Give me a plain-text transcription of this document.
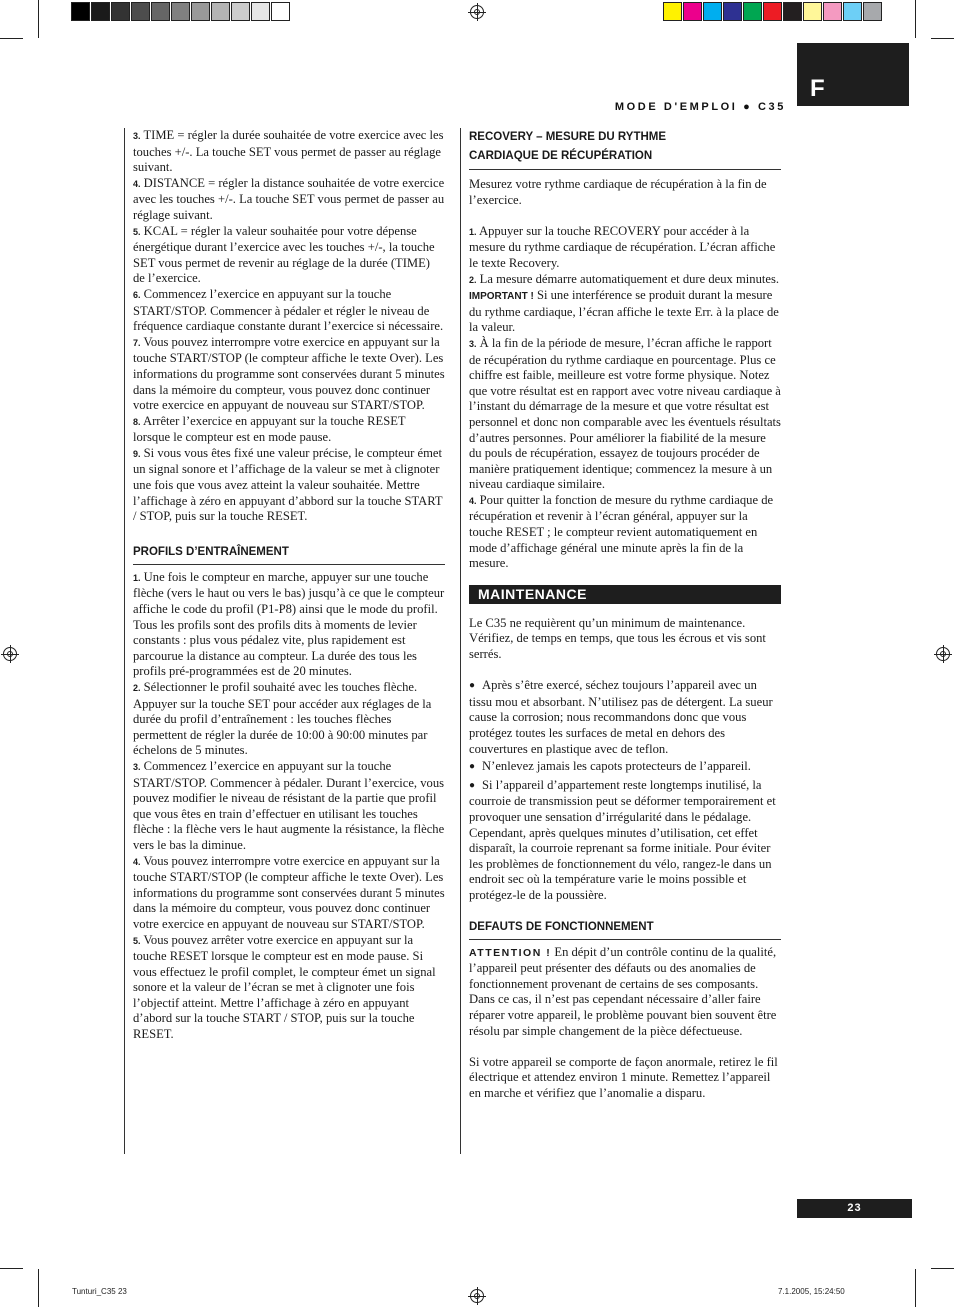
F
MODE D'EMPLOI ● C35

3. TIME = régler la durée souhaitée de votre exercice avec les touches +/-. La touche SET vous permet de passer au réglage suivant.

4. DISTANCE = régler la distance souhaitée de votre exercice avec les touches +/-. La touche SET vous permet de passer au réglage suivant.

5. KCAL = régler la valeur souhaitée pour votre dépense énergétique durant l’exercice avec les touches +/-, la touche SET vous permet de revenir au réglage de la durée (TIME) de l’exercice.

6. Commencez l’exercice en appuyant sur la touche START/STOP. Commencer à pédaler et régler le niveau de fréquence cardiaque constante durant l’exercice si nécessaire.

7. Vous pouvez interrompre votre exercice en appuyant sur la touche START/STOP (le compteur affiche le texte Over). Les informations du programme sont conservées durant 5 minutes dans la mémoire du compteur, vous pouvez donc continuer votre exercice en appuyant de nouveau sur START/STOP.

8. Arrêter l’exercice en appuyant sur la touche RESET lorsque le compteur est en mode pause.

9. Si vous vous êtes fixé une valeur précise, le compteur émet un signal sonore et l’affichage de la valeur se met à clignoter une fois que vous avez atteint la valeur souhaitée. Mettre l’affichage à zéro en appuyant d’abbord sur la touche START / STOP, puis sur la touche RESET.

PROFILS D’ENTRAÎNEMENT

1. Une fois le compteur en marche, appuyer sur une touche flèche (vers le haut ou vers le bas) jusqu’à ce que le compteur affiche le code du profil (P1-P8) ainsi que le mode du profil. Tous les profils sont des profils dits à moments de levier constants : plus vous pédalez vite, plus rapidement est parcourue la distance au compteur. La durée des tous les profils pré-programmées est de 20 minutes.

2. Sélectionner le profil souhaité avec les touches flèche. Appuyer sur la touche SET pour accéder aux réglages de la durée du profil d’entraînement : les touches flèches permettent de régler la durée de 10:00 à 90:00 minutes par échelons de 5 minutes.

3. Commencez l’exercice en appuyant sur la touche START/STOP. Commencer à pédaler. Durant l’exercice, vous pouvez modifier le niveau de résistant de la partie que profil que vous êtes en train d’effectuer en utilisant les touches flèche : la flèche vers le haut augmente la résistance, la flèche vers le bas la diminue.

4. Vous pouvez interrompre votre exercice en appuyant sur la touche START/STOP (le compteur affiche le texte Over). Les informations du programme sont conservées durant 5 minutes dans la mémoire du compteur, vous pouvez donc continuer votre exercice en appuyant de nouveau sur START/STOP.

5. Vous pouvez arrêter votre exercice en appuyant sur la touche RESET lorsque le compteur est en mode pause. Si vous effectuez le profil complet, le compteur émet un signal sonore et la valeur de l’écran se met à clignoter une fois l’objectif atteint. Mettre l’affichage à zéro en appuyant d’abord sur la touche START / STOP, puis sur la touche RESET.

RECOVERY – MESURE DU RYTHME
CARDIAQUE DE RÉCUPÉRATION

Mesurez votre rythme cardiaque de récupération à la fin de l’exercice.

1. Appuyer sur la touche RECOVERY pour accéder à la mesure du rythme cardiaque de récupération. L’écran affiche le texte Recovery.

2. La mesure démarre automatiquement et dure deux minutes. IMPORTANT ! Si une interférence se produit durant la mesure du rythme cardiaque, l’écran affiche le texte Err. à la place de la valeur.

3. À la fin de la période de mesure, l’écran affiche le rapport de récupération du rythme cardiaque en pourcentage. Plus ce chiffre est faible, meilleure est votre forme physique. Notez que votre résultat est en rapport avec votre niveau cardiaque à l’instant du démarrage de la mesure et que votre résultat est personnel et donc non comparable avec les éventuels résultats d’autres personnes. Pour améliorer la fiabilité de la mesure du pouls de récupération, essayez de toujours procéder de manière pratiquement identique; commencez la mesure à un niveau cardiaque similaire.

4. Pour quitter la fonction de mesure du rythme cardiaque de récupération et revenir à l’écran général, appuyer sur la touche RESET ; le compteur revient automatiquement en mode d’affichage général une minute après la fin de la mesure.

MAINTENANCE

Le C35 ne requièrent qu’un minimum de maintenance. Vérifiez, de temps en temps, que tous les écrous et vis sont serrés.

● Après s’être exercé, séchez toujours l’appareil avec un tissu mou et absorbant. N’utilisez pas de détergent. La sueur cause la corrosion; nous recommandons donc que vous protégez toutes les surfaces de metal en dehors des couvertures en plastique avec de teflon.

● N’enlevez jamais les capots protecteurs de l’appareil.

● Si l’appareil d’appartement reste longtemps inutilisé, la courroie de transmission peut se déformer temporairement et provoquer une sensation d’irrégularité dans le pédalage. Cependant, après quelques minutes d’utilisation, cet effet disparaît, la courroie reprenant sa forme initiale. Pour éviter les problèmes de fonctionnement du vélo, rangez-le dans un endroit sec où la température varie le moins possible et protégez-le de la poussière.

DEFAUTS DE FONCTIONNEMENT

ATTENTION ! En dépit d’un contrôle continu de la qualité, l’appareil peut présenter des défauts ou des anomalies de fonctionnement provenant de certains de ses composants. Dans ce cas, il n’est pas cependant nécessaire d’aller faire réparer votre appareil, le problème pouvant bien souvent être résolu par simple changement de la pièce défectueuse.

Si votre appareil se comporte de façon anormale, retirez le fil électrique et attendez environ 1 minute. Remettez l’appareil en marche et vérifiez que l’anomalie a disparu.

23
Tunturi_C35 23	7.1.2005, 15:24:50
